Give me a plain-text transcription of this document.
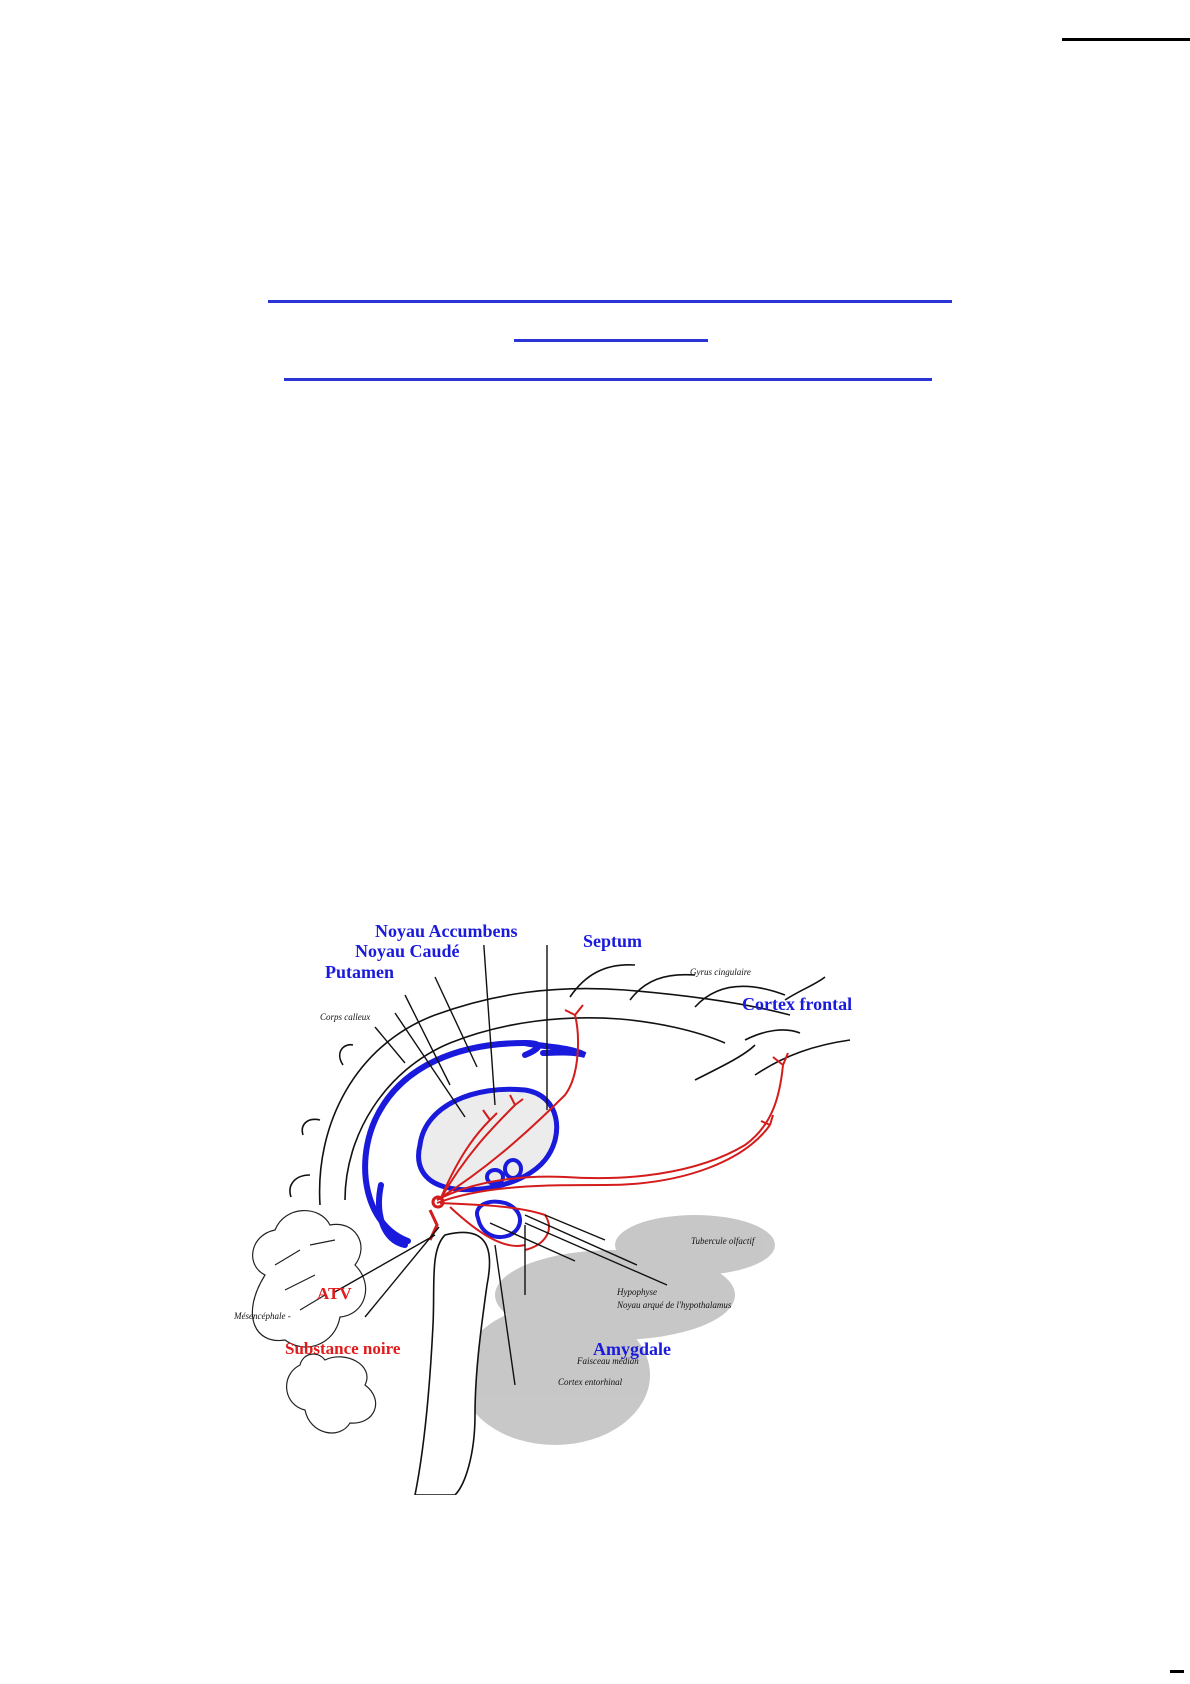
Noyau Accumbens	Septum
Noyau Caudé
Putamen	Gyrus cingulaire
Cortex frontal
Corps calleux
Tubercule olfactif
ATV	Hypophyse
Noyau arqué de l'hypothalamus
Mésencéphale -
Substance noire	Amygdale
Faisceau médian
Cortex entorhinal
